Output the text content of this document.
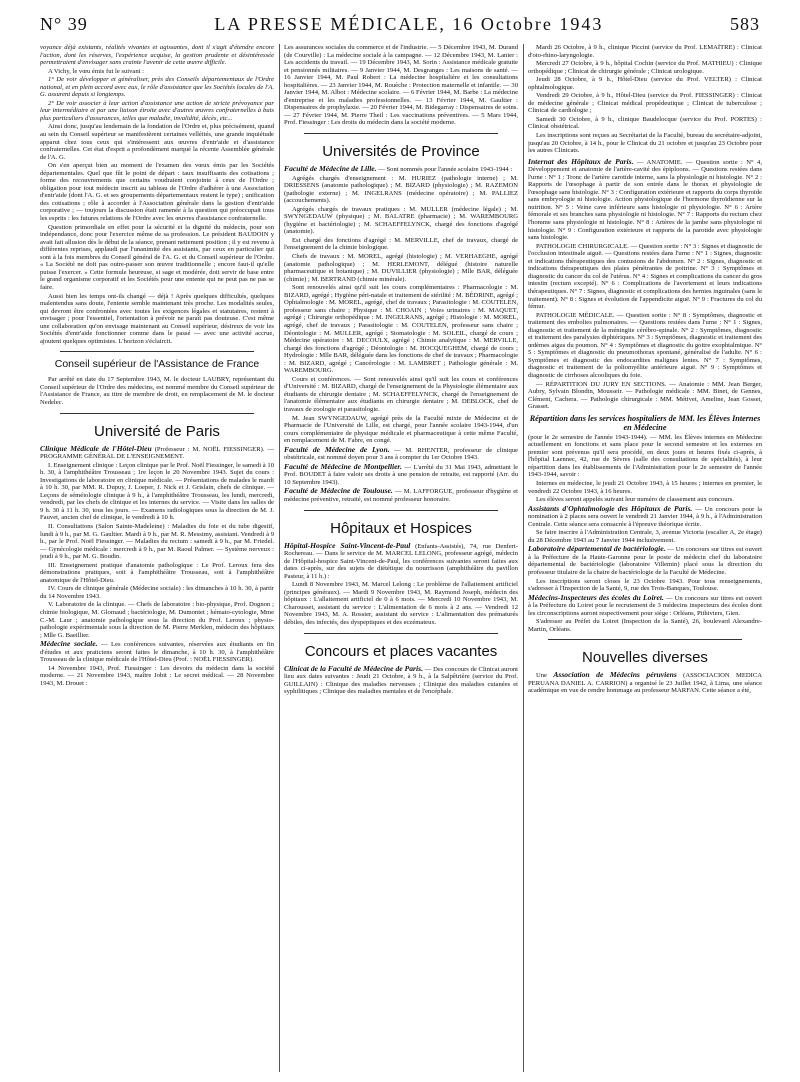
N° 39	LA PRESSE MÉDICALE, 16 Octobre 1943	583

voyance déjà existants, réalités vivantes et agissantes, dont il s'agit d'étendre encore l'action, dont les réserves, l'expérience acquise, la gestion prudente et désintéressée permettraient d'envisager sans crainte l'avenir de cette œuvre difficile.

A Vichy, le vœu émis fut le suivant :

1° De voir développer et généraliser, près des Conseils départementaux de l'Ordre national, et en plein accord avec eux, le rôle d'assistance que les Sociétés locales de l'A. G. assurent depuis si longtemps.

2° De voir associer à leur action d'assistance une action de stricte prévoyance par leur intermédiaire et par une liaison étroite avec d'autres œuvres confraternelles à buts plus particuliers d'assurances, telles que maladie, invalidité, décès, etc...

Ainsi donc, jusqu'au lendemain de la fondation de l'Ordre et, plus précisément, quand au sein du Conseil supérieur se manifestèrent certaines velléités, une grande inquiétude apparut chez tous ceux qui s'intéressent aux œuvres d'entr'aide et d'assistance confraternelles. Cet état d'esprit a profondément marqué la récente Assemblée générale de l'A. G.

On s'en aperçut bien au moment de l'examen des vœux émis par les Sociétés départementales. Quel que fût le point de départ : taux insuffisants des cotisations ; forme des recouvrements que certains voudraient conjointe à ceux de l'Ordre ; obligation pour tout médecin inscrit au tableau de l'Ordre d'adhérer à une Association d'entr'aide (dont l'A. G. et ses groupements départementaux restent le type) ; unification des cotisations ; rôle à accorder à l'Association générale dans la gestion d'entr'aide corporative ; — toujours la discussion était ramenée à la question qui préoccupait tous les esprits : les futures relations de l'Ordre avec les œuvres d'assistance confraternelle.

Question primordiale en effet pour la sécurité et la dignité du médecin, pour son indépendance, donc pour l'exercice même de sa profession. Le président BAUDOIN y avait fait allusion dès le début de la séance, prenant nettement position ; il y est revenu à différentes reprises, applaudi par l'unanimité des assistants, par ceux en particulier qui sont à la fois membres du Conseil général de l'A. G. et du Conseil supérieur de l'Ordre. « La Société ne doit pas outre-passer son œuvre traditionnelle ; encore faut-il qu'elle puisse l'exercer. » Cette formule heureuse, si sage et modérée, doit servir de base entre le grand organisme corporatif et les Sociétés pour une entente qui ne peut pas ne pas se faire.

Aussi bien les temps ont-ils changé — déjà ! Après quelques difficultés, quelques malentendus sans doute, l'entente semble maintenant très proche. Les modalités seules, qui devront être confrontées avec toutes les exigences légales et statutaires, restent à envisager ; pour l'essentiel, l'orientation à prévoir ne paraît pas douteuse. C'est même une collaboration qu'on envisage maintenant au Conseil supérieur, désireux de voir les Sociétés d'entr'aide fonctionner comme dans le passé — avec une activité accrue, ajoutent quelques optimistes. L'horizon s'éclaircit.

Conseil supérieur de l'Assistance de France

Par arrêté en date du 17 Septembre 1943, M. le docteur LAUBRY, représentant du Conseil supérieur de l'Ordre des médecins, est nommé membre du Conseil supérieur de l'Assistance de France, au titre de membre de droit, en remplacement de M. le docteur Nedelec.

Université de Paris

Clinique Médicale de l'Hôtel-Dieu (Professeur : M. NOËL FIESSINGER). — PROGRAMME GÉNÉRAL DE L'ENSEIGNEMENT.

I. Enseignement clinique : Leçon clinique par le Prof. Noël Fiessinger, le samedi à 10 h. 30, à l'amphithéâtre Trousseau ; 1re leçon le 20 Novembre 1943. Sujet du cours : Investigations de laboratoire en clinique médicale. — Présentations de malades le mardi à 10 h. 30, par MM. R. Dupuy, J. Loeper, J. Nick et J. Grislain, chefs de clinique. — Leçons de séméiologie clinique à 9 h., à l'amphithéâtre Trousseau, les lundi, mercredi, vendredi, par les chefs de clinique et les internes du service. — Visite dans les salles de 9 h. 30 à 11 h. 30, tous les jours. — Examens radiologiques sous la direction de M. J. Fauvet, ancien chef de clinique, le vendredi à 10 h.

II. Consultations (Salon Sainte-Madeleine) : Maladies du foie et du tube digestif, lundi à 9 h., par M. G. Gaultier. Mardi à 9 h., par M. R. Messimy, assistant. Vendredi à 9 h., par le Prof. Noël Fiessinger. — Maladies du rectum : samedi à 9 h., par M. Friedel. — Gynécologie médicale : mercredi à 9 h., par M. Raoul Palmer. — Système nerveux : jeudi à 9 h., par M. G. Boudin.

III. Enseignement pratique d'anatomie pathologique : Le Prof. Leroux fera des démonstrations pratiques, soit à l'amphithéâtre Trousseau, soit à l'amphithéâtre anatomique de l'Hôtel-Dieu.

IV. Cours de clinique générale (Médecine sociale) : les dimanches à 10 h. 30, à partir du 14 Novembre 1943.

V. Laboratoire de la clinique. — Chefs de laboratoire : bio-physique, Prof. Dognon ; chimie biologique, M. Glomaud ; bactériologie, M. Dumontet ; hémato-cytologie, Mme C.-M. Laur ; anatomie pathologique sous la direction du Prof. Leroux ; physio-pathologie expérimentale sous la direction de M. Pierre Merklen, médecin des hôpitaux ; Mlle G. Baeillier.

Médecine sociale. — Les conférences suivantes, réservées aux étudiants en fin d'études et aux praticiens seront faites le dimanche, à 10 h. 30, à l'amphithéâtre Trousseau de la clinique médicale de l'Hôtel-Dieu (Prof. : NOËL FIESSINGER).

14 Novembre 1943, Prof. Fiessinger : Les devoirs du médecin dans la société moderne. — 21 Novembre 1943, maître Jobit : Le secret médical. — 28 Novembre 1943, M. Drouet :

Les assurances sociales du commerce et de l'industrie. — 5 Décembre 1943, M. Durand (de Courville) : La médecine sociale à la campagne. — 12 Décembre 1943, M. Lanier : Les accidents du travail. — 19 Décembre 1943, M. Sorin : Assistance médicale gratuite et pensionnés militaires. — 9 Janvier 1944, M. Desgranges : Les maisons de santé. — 16 Janvier 1944, M. Paul Robert : La médecine hospitalière et les consultations hospitalières. — 23 Janvier 1944, M. Rouèche : Protection maternelle et infantile. — 30 Janvier 1944, M. Albot : Médecine scolaire. — 6 Février 1944, M. Barbe : La médecine d'entreprise et les maladies professionnelles. — 13 Février 1944, M. Gaultier : Dispensaires de prophylaxie. — 20 Février 1944, M. Bidegarray : Dispensaires de soins. — 27 Février 1944, M. Pierre Theil : Les vaccinations préventives. — 5 Mars 1944, Prof. Fiessinger : Les droits du médecin dans la société moderne.

Universités de Province

Faculté de Médecine de Lille. — Sont nommés pour l'année scolaire 1943-1944 :

Agrégés chargés d'enseignement : M. HURIEZ (pathologie interne) ; M. DRIESSENS (anatomie pathologique) ; M. BIZARD (physiologie) ; M. RAZEMON (pathologie externe) ; M. INGELRANS (médecine opératoire) ; M. PALLIEZ (accouchements).

Agrégés chargés de travaux pratiques : M. MULLER (médecine légale) ; M. SWYNGEDAUW (physique) ; M. BALATRE (pharmacie) ; M. WAREMBOURG (hygiène et bactériologie) ; M. SCHAEFFELYNCK, chargé des fonctions d'agrégé (anatomie).

Est chargé des fonctions d'agrégé : M. MERVILLE, chef de travaux, chargé de l'enseignement de la chimie biologique.

Chefs de travaux : M. MOREL, agrégé (histologie) ; M. VERHAEGHE, agrégé (anatomie pathologique) ; M. HERLEMONT, délégué (histoire naturelle pharmaceutique et botanique) ; M. DUVILLIER (physiologie) ; Mlle BAR, déléguée (chimie) ; M. BERTRAND (chimie minérale).

Sont renouvelés ainsi qu'il suit les cours complémentaires : Pharmacologie : M. BIZARD, agrégé ; Hygiène péri-natale et traitement de stérilité : M. BÉDRINE, agrégé ; Ophtalmologie : M. MOREL, agrégé, chef de travaux ; Parasitologie : M. COUTELEN, professeur sans chaire ; Physique : M. CHOAIN ; Voies urinaires : M. MAQUET, agrégé ; Chirurgie orthopédique : M. INGELRANS, agrégé ; Histologie : M. MOREL, agrégé, chef de travaux ; Parasitologie : M. COUTELEN, professeur sans chaire ; Déontologie : M. MULLER, agrégé ; Stomatologie : M. SOLEIL, chargé de cours ; Médecine opératoire : M. DECOULX, agrégé ; Chimie analytique : M. MERVILLE, chargé des fonctions d'agrégé ; Déontologie : M. HOCQUEGHEM, chargé de cours ; Hydrologie : Mlle BAR, déléguée dans les fonctions de chef de travaux ; Pharmacologie : M. BIZARD, agrégé ; Cancérologie : M. LAMBRET ; Pathologie générale : M. WAREMBOURG.

Cours et conférences. — Sont renouvelés ainsi qu'il suit les cours et conférences d'Université : M. BIZARD, chargé de l'enseignement de la Physiologie élémentaire aux étudiants de chirurgie dentaire ; M. SCHAEFFELYNCK, chargé de l'enseignement de l'anatomie élémentaire aux étudiants en chirurgie dentaire ; M. DEBLOCK, chef de travaux de zoologie et parasitologie.

M. Jean SWYNGEDAUW, agrégé près de la Faculté mixte de Médecine et de Pharmacie de l'Université de Lille, est chargé, pour l'année scolaire 1943-1944, d'un cours complémentaire de physique médicale et pharmaceutique à cette même Faculté, en remplacement de M. Fabre, en congé.

Faculté de Médecine de Lyon. — M. RHENTER, professeur de clinique obstétricale, est nommé doyen pour 3 ans à compter du 1er Octobre 1943.

Faculté de Médecine de Montpellier. — L'arrêté du 31 Mai 1943, admettant le Prof. BOUDET à faire valoir ses droits à une pension de retraite, est rapporté (Arr. du 10 Septembre 1943).

Faculté de Médecine de Toulouse. — M. LAFFORGUE, professeur d'hygiène et médecine préventive, retraité, est nommé professeur honoraire.

Hôpitaux et Hospices

Hôpital-Hospice Saint-Vincent-de-Paul (Enfants-Assistés), 74, rue Denfert-Rochereau. — Dans le service de M. MARCEL LELONG, professeur agrégé, médecin de l'Hôpital-hospice Saint-Vincent-de-Paul, les conférences suivantes seront faites aux dates ci-après, sur des sujets de diététique du nourrisson (amphithéâtre du pavillon Pasteur, à 11 h.) :

Lundi 8 Novembre 1943, M. Marcel Lelong : Le problème de l'allaitement artificiel (principes généraux). — Mardi 9 Novembre 1943, M. Raymond Joseph, médecin des hôpitaux : L'allaitement artificiel de 0 à 6 mois. — Mercredi 10 Novembre 1943, M. Charousset, assistant du service : L'alimentation de 6 mois à 2 ans. — Vendredi 12 Novembre 1943, M. A. Rossier, assistant du service : L'alimentation des prématurés débiles, des infectés, des dyspeptiques et des eczémateux.

Concours et places vacantes

Clinicat de la Faculté de Médecine de Paris. — Des concours de Clinicat auront lieu aux dates suivantes : Jeudi 21 Octobre, à 9 h., à la Salpêtrière (service du Prof. GUILLAIN) : Clinique des maladies nerveuses ; Clinique des maladies cutanées et syphilitiques ; Clinique des maladies mentales et de l'encéphale.

Mardi 26 Octobre, à 9 h., clinique Piccini (service du Prof. LEMAÎTRE) : Clinicat d'oto-rhino-laryngologie.

Mercredi 27 Octobre, à 9 h., hôpital Cochin (service du Prof. MATHIEU) : Clinique orthopédique ; Clinicat de chirurgie générale ; Clinicat urologique.

Jeudi 28 Octobre, à 9 h., Hôtel-Dieu (service du Prof. VELTER) : Clinicat ophtalmologique.

Vendredi 29 Octobre, à 9 h., Hôtel-Dieu (service du Prof. FIESSINGER) : Clinicat de médecine générale ; Clinicat médical propédeutique ; Clinicat de tuberculose ; Clinicat de cardiologie ;

Samedi 30 Octobre, à 9 h., clinique Baudelocque (service du Prof. PORTES) : Clinicat obstétrical.

Les inscriptions sont reçues au Secrétariat de la Faculté, bureau du secrétaire-adjoint, jusqu'au 20 Octobre, à 14 h., pour le Clinicat du 21 octobre et jusqu'au 23 Octobre pour les autres Clinicats.

Internat des Hôpitaux de Paris. — ANATOMIE. — Question sortie : N° 4, Développement et anatomie de l'artère-cavité des épiploons. — Questions restées dans l'urne : N° 1 : Tronc de l'artère carotide interne, sans la physiologie ni histologie. N° 2 : Rapports de l'œsophage à partir de son entrée dans le thorax et physiologie de l'œsophage sans histologie. N° 3 : Configuration extérieure et rapports du corps thyroïde sans embryologie ni histologie. Action physiologique de l'hormone thyroïdienne sur la nutrition. N° 5 : Veine cave inférieure sans histologie ni physiologie. N° 6 : Artère fémorale et ses branches sans physiologie ni histologie. N° 7 : Rapports du rectum chez l'homme sans physiologie ni histologie. N° 8 : Artères de la jambe sans physiologie ni histologie. N° 9 : Configuration extérieure et rapports de la parotide avec physiologie sans histologie.

PATHOLOGIE CHIRURGICALE. — Question sortie : N° 3 : Signes et diagnostic de l'occlusion intestinale aiguë. — Questions restées dans l'urne : N° 1 : Signes, diagnostic et indications thérapeutiques des contusions de l'abdomen. N° 2 : Signes, diagnostic et indications thérapeutiques des plaies pénétrantes de poitrine. N° 3 : Symptômes et diagnostic du cancer du col de l'utérus. N° 4 : Signes et complications du cancer du gros intestin (rectum excepté). N° 6 : Complications de l'avortement et leurs indications thérapeutiques. N° 7 : Signes, diagnostic et complications des hernies inguinales (sans le traitement). N° 8 : Signes et évolution de l'appendicite aiguë. N° 9 : Fractures du col du fémur.

PATHOLOGIE MÉDICALE. — Question sortie : N° 8 : Symptômes, diagnostic et traitement des embolies pulmonaires. — Questions restées dans l'urne : N° 1 : Signes, diagnostic et traitement de la méningite cérébro-spinale. N° 2 : Symptômes, diagnostic et traitement des paralysies diphtériques. N° 3 : Symptômes, diagnostic et traitement des œdèmes aigus du poumon. N° 4 : Symptômes et diagnostic du goitre exophtalmique. N° 5 : Symptômes et diagnostic du pneumothorax spontané, généralisé de l'adulte. N° 6 : Symptômes et diagnostic des endocardites malignes lentes. N° 7 : Symptômes, diagnostic et traitement de la poliomyélite antérieure aiguë. N° 9 : Symptômes et diagnostic de cirrhoses alcooliques du foie.

— RÉPARTITION DU JURY EN SECTIONS. — Anatomie : MM. Jean Berger, Aubry, Sylvain Blondin, Mousseir. — Pathologie médicale : MM. Binet, de Gennes, Clément, Cachera. — Pathologie chirurgicale : MM. Métivet, Ameline, Jean Gosset, Grasset.

Répartition dans les services hospitaliers de MM. les Élèves Internes en Médecine

(pour le 2e semestre de l'année 1943-1944). — MM. les Élèves internes en Médecine actuellement en fonctions et sans place pour le second semestre et les externes en premier sont prévenus qu'il sera procédé, en deux jours et heures fixés ci-après, à l'hôpital Laennec, 42, rue de Sèvres (salle des consultations de spécialités), à leur répartition dans les établissements de l'Administration pour le 2e semestre de l'année 1943-1944, savoir :

Internes en médecine, le jeudi 21 Octobre 1943, à 15 heures ; internes en premier, le vendredi 22 Octobre 1943, à 16 heures.

Les élèves seront appelés suivant leur numéro de classement aux concours.

Assistants d'Ophtalmologie des Hôpitaux de Paris. — Un concours pour la nomination à 2 places sera ouvert le vendredi 21 Janvier 1944, à 9 h., à l'Administration Centrale. Cette séance sera consacrée à l'épreuve théorique écrite.

Se faire inscrire à l'Administration Centrale, 3, avenue Victoria (escalier A, 2e étage) du 28 Décembre 1943 au 7 Janvier 1944 inclusivement.

Laboratoire départemental de bactériologie. — Un concours sur titres est ouvert à la Préfecture de la Haute-Garonne pour le poste de médecin chef du laboratoire départemental de bactériologie (laboratoire Villemin) placé sous la direction du professeur titulaire de la chaire de bactériologie de la Faculté de Médecine.

Les inscriptions seront closes le 23 Octobre 1943. Pour tous renseignements, s'adresser à l'Inspection de la Santé, 9, rue des Trois-Banques, Toulouse.

Médecins-Inspecteurs des écoles du Loiret. — Un concours sur titres est ouvert à la Préfecture du Loiret pour le recrutement de 3 médecins inspecteurs des écoles dont les circonscriptions auront respectivement pour siège : Orléans, Pithiviers, Gien.

S'adresser au Préfet du Loiret (Inspection de la Santé), 26, boulevard Alexandre-Martin, Orléans.

Nouvelles diverses

Une Association de Médecins péruviens (ASSOCIACION MEDICA PERUANA DANIEL A. CARRION) a organisé le 23 Juillet 1942, à Lima, une séance académique en vue de rendre hommage au professeur MARFAN. Cette séance a été,
